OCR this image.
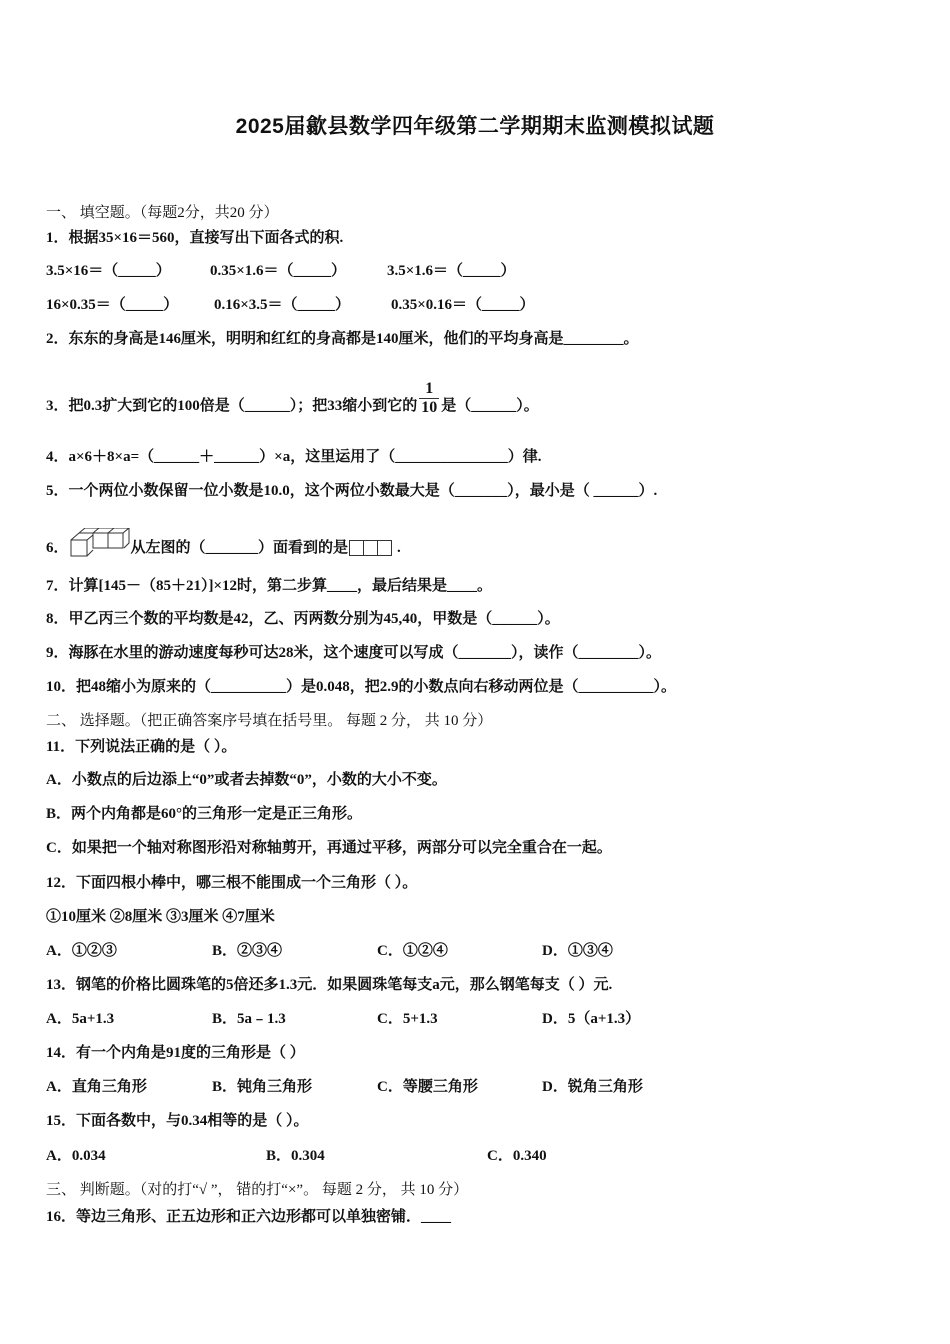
2025届歙县数学四年级第二学期期末监测模拟试题
一、 填空题。（每题2分，共20 分）
1．根据35×16＝560，直接写出下面各式的积.
3.5×16＝（_____）	0.35×1.6＝（_____）	3.5×1.6＝（_____）
16×0.35＝（_____） 0.16×3.5＝（_____）	0.35×0.16＝（_____）
2．东东的身高是146厘米，明明和红红的身高都是140厘米，他们的平均身高是________。
3．把0.3扩大到它的100倍是（______）；把33缩小到它的 $\frac{1}{10}$ 是（______）。
4．a×6＋8×a=（______＋______）×a，这里运用了（_______________）律.
5．一个两位小数保留一位小数是10.0，这个两位小数最大是（_______），最小是（ ______）.
6．	从左图的（_______）面看到的是	.
7．计算[145－（85＋21）]×12时，第二步算____，最后结果是____。
8．甲乙丙三个数的平均数是42，乙、丙两数分别为45,40，甲数是（______）。
9．海豚在水里的游动速度每秒可达28米，这个速度可以写成（_______），读作（________）。
10．把48缩小为原来的（__________）是0.048，把2.9的小数点向右移动两位是（__________）。
二、 选择题。（把正确答案序号填在括号里。 每题 2 分， 共 10 分）
11．下列说法正确的是（ ）。
A．小数点的后边添上“0”或者去掉数“0”，小数的大小不变。
B．两个内角都是60°的三角形一定是正三角形。
C．如果把一个轴对称图形沿对称轴剪开，再通过平移，两部分可以完全重合在一起。
12．下面四根小棒中，哪三根不能围成一个三角形（ ）。
①10厘米 ②8厘米 ③3厘米 ④7厘米
A．①②③	B．②③④	C．①②④	D．①③④
13．钢笔的价格比圆珠笔的5倍还多1.3元．如果圆珠笔每支a元，那么钢笔每支（ ）元.
A．5a+1.3	B．5a﹣1.3	C．5+1.3	D．5（a+1.3）
14．有一个内角是91度的三角形是（ ）
A．直角三角形	B．钝角三角形	C．等腰三角形	D．锐角三角形
15．下面各数中，与0.34相等的是（ ）。
A．0.034	B．0.304	C．0.340
三、 判断题。（对的打“√ ”， 错的打“×”。 每题 2 分， 共 10 分）
16．等边三角形、正五边形和正六边形都可以单独密铺．____
